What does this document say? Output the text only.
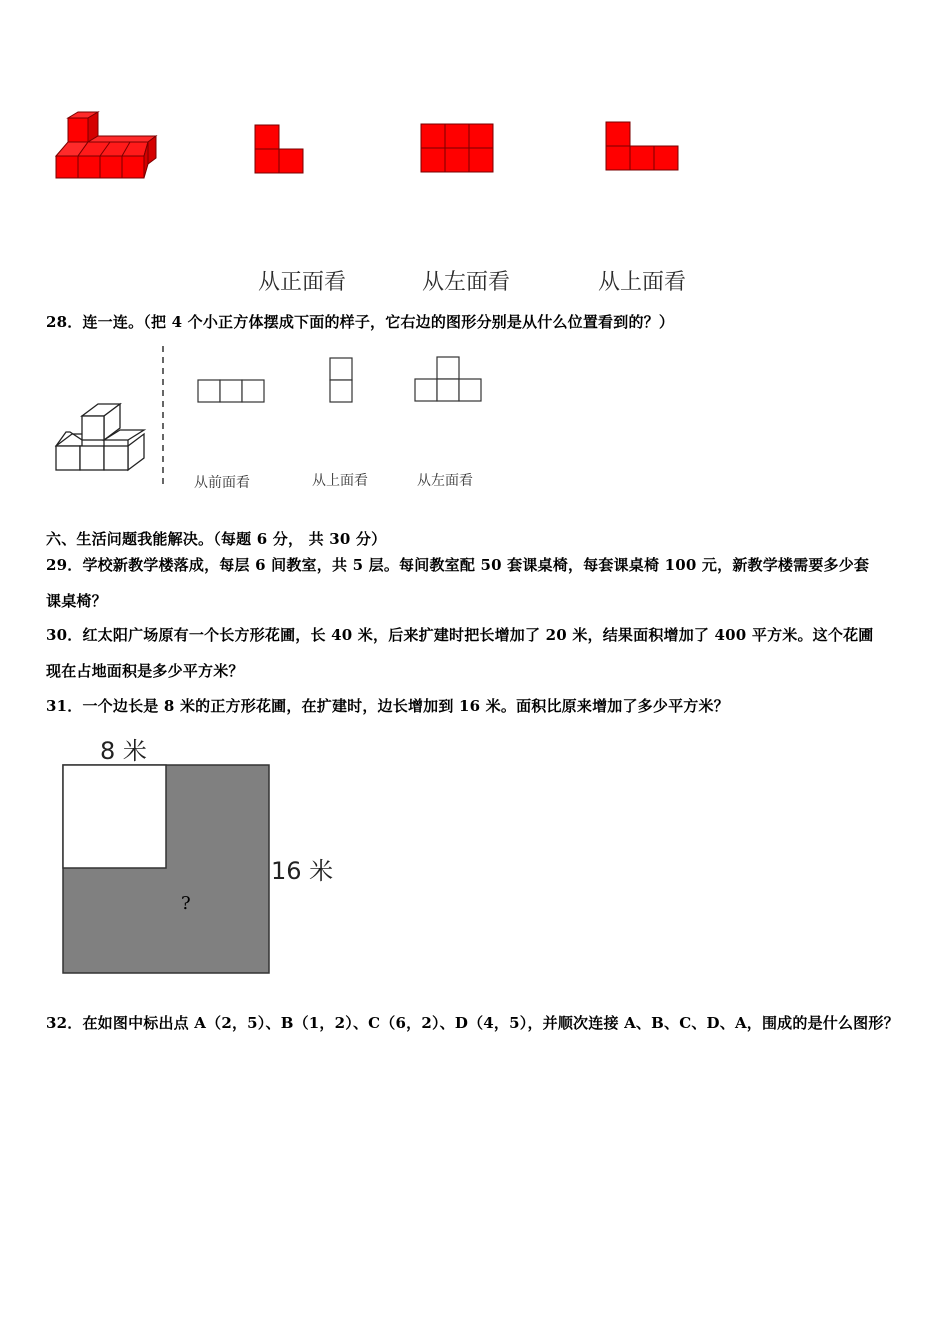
从正面看	从左面看	从上面看
28．连一连。（把 4 个小正方体摆成下面的样子，它右边的图形分别是从什么位置看到的？）
从前面看	从上面看	从左面看
六、生活问题我能解决。（每题 6 分， 共 30 分）
29．学校新教学楼落成，每层 6 间教室，共 5 层。每间教室配 50 套课桌椅，每套课桌椅 100 元，新教学楼需要多少套
课桌椅？
30．红太阳广场原有一个长方形花圃，长 40 米，后来扩建时把长增加了 20 米，结果面积增加了 400 平方米。这个花圃
现在占地面积是多少平方米？
31．一个边长是 8 米的正方形花圃，在扩建时，边长增加到 16 米。面积比原来增加了多少平方米？
8 米
16 米
?
32．在如图中标出点 A（2，5）、B（1，2）、C（6，2）、D（4，5），并顺次连接 A、B、C、D、A，围成的是什么图形？
